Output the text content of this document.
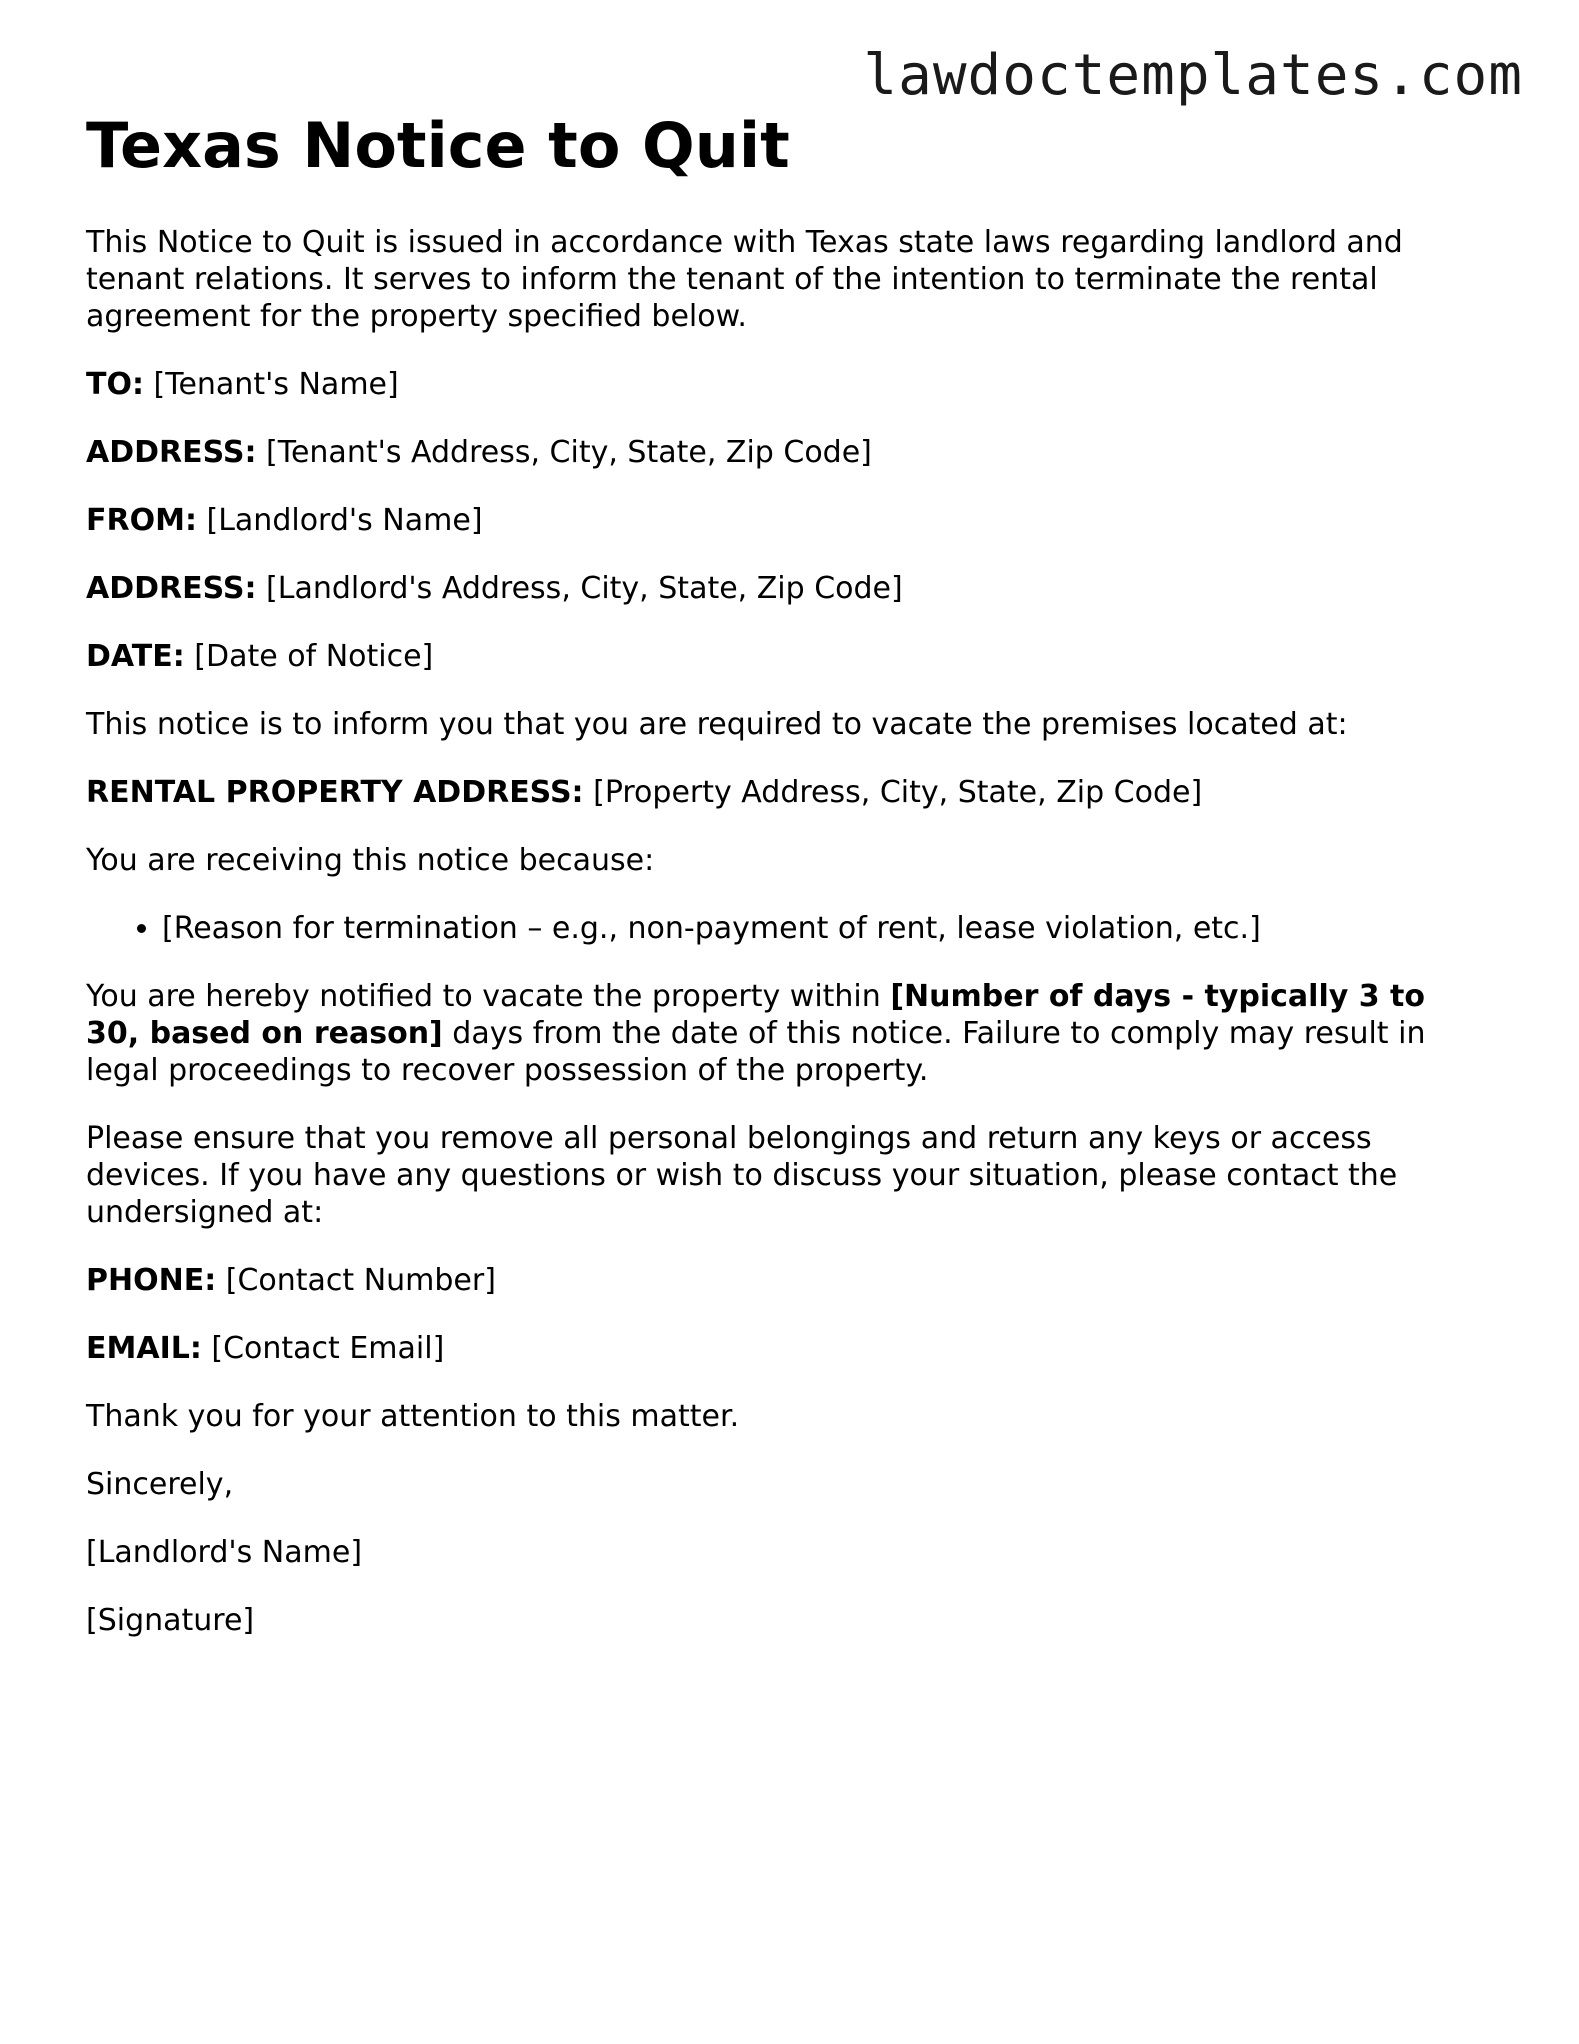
lawdoctemplates.com
Texas Notice to Quit

This Notice to Quit is issued in accordance with Texas state laws regarding landlord and tenant relations. It serves to inform the tenant of the intention to terminate the rental agreement for the property specified below.

TO: [Tenant's Name]

ADDRESS: [Tenant's Address, City, State, Zip Code]

FROM: [Landlord's Name]

ADDRESS: [Landlord's Address, City, State, Zip Code]

DATE: [Date of Notice]

This notice is to inform you that you are required to vacate the premises located at:

RENTAL PROPERTY ADDRESS: [Property Address, City, State, Zip Code]

You are receiving this notice because:

• [Reason for termination – e.g., non-payment of rent, lease violation, etc.]

You are hereby notified to vacate the property within [Number of days - typically 3 to 30, based on reason] days from the date of this notice. Failure to comply may result in legal proceedings to recover possession of the property.

Please ensure that you remove all personal belongings and return any keys or access devices. If you have any questions or wish to discuss your situation, please contact the undersigned at:

PHONE: [Contact Number]

EMAIL: [Contact Email]

Thank you for your attention to this matter.

Sincerely,

[Landlord's Name]

[Signature]
